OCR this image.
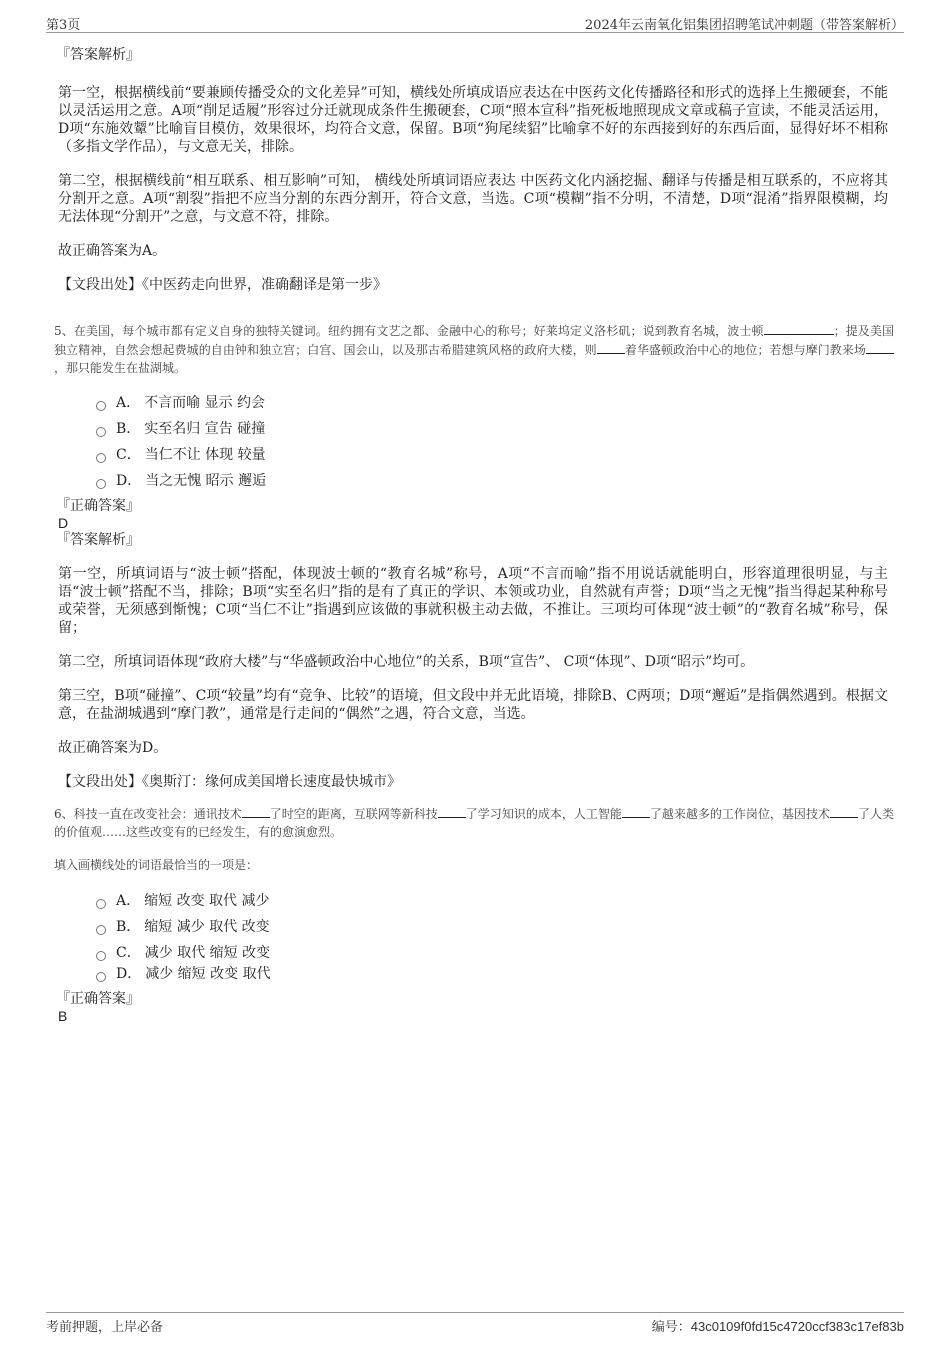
第3页	2024年云南氧化铝集团招聘笔试冲刺题（带答案解析）
『答案解析』

第一空，根据横线前“要兼顾传播受众的文化差异”可知，横线处所填成语应表达在中医药文化传播路径和形式的选择上生搬硬套，不能以灵活运用之意。A项“削足适履”形容过分迁就现成条件生搬硬套，C项“照本宣科”指死板地照现成文章或稿子宣读，不能灵活运用，D项“东施效颦”比喻盲目模仿，效果很坏，均符合文意，保留。B项“狗尾续貂”比喻拿不好的东西接到好的东西后面，显得好坏不相称（多指文学作品），与文意无关，排除。

第二空，根据横线前“相互联系、相互影响”可知， 横线处所填词语应表达 中医药文化内涵挖掘、翻译与传播是相互联系的，不应将其分割开之意。A项“割裂”指把不应当分割的东西分割开，符合文意，当选。C项“模糊”指不分明，不清楚，D项“混淆”指界限模糊，均无法体现“分割开”之意，与文意不符，排除。

故正确答案为A。

【文段出处】《中医药走向世界，准确翻译是第一步》
5、在美国，每个城市都有定义自身的独特关键词。纽约拥有文艺之都、金融中心的称号；好莱坞定义洛杉矶；说到教育名城，波士顿	；提及美国独立精神，自然会想起费城的自由钟和独立宫；白宫、国会山，以及那古希腊建筑风格的政府大楼，则 着华盛顿政治中心的地位；若想与摩门教来场，那只能发生在盐湖城。
A． 不言而喻 显示 约会
B． 实至名归 宣告 碰撞
C． 当仁不让 体现 较量
D． 当之无愧 昭示 邂逅
『正确答案』
D
『答案解析』

第一空，所填词语与“波士顿”搭配，体现波士顿的“教育名城”称号，A项“不言而喻”指不用说话就能明白，形容道理很明显，与主语“波士顿”搭配不当，排除；B项“实至名归”指的是有了真正的学识、本领或功业，自然就有声誉；D项“当之无愧”指当得起某种称号或荣誉，无须感到惭愧；C项“当仁不让”指遇到应该做的事就积极主动去做，不推让。三项均可体现“波士顿”的“教育名城”称号，保留；

第二空，所填词语体现“政府大楼”与“华盛顿政治中心地位”的关系，B项“宣告”、 C项“体现”、D项“昭示”均可。

第三空，B项“碰撞”、C项“较量”均有“竞争、比较”的语境，但文段中并无此语境，排除B、C两项；D项“邂逅”是指偶然遇到。根据文意，在盐湖城遇到“摩门教”，通常是行走间的“偶然”之遇，符合文意，当选。

故正确答案为D。

【文段出处】《奥斯汀：缘何成美国增长速度最快城市》
6、科技一直在改变社会：通讯技术 了时空的距离，互联网等新科技 了学习知识的成本，人工智能 了越来越多的工作岗位，基因技术 了人类的价值观……这些改变有的已经发生，有的愈演愈烈。
填入画横线处的词语最恰当的一项是：
A． 缩短 改变 取代 减少
B． 缩短 减少 取代 改变
C． 减少 取代 缩短 改变
D． 减少 缩短 改变 取代
『正确答案』
B
考前押题，上岸必备	编号：43c0109f0fd15c4720ccf383c17ef83b
